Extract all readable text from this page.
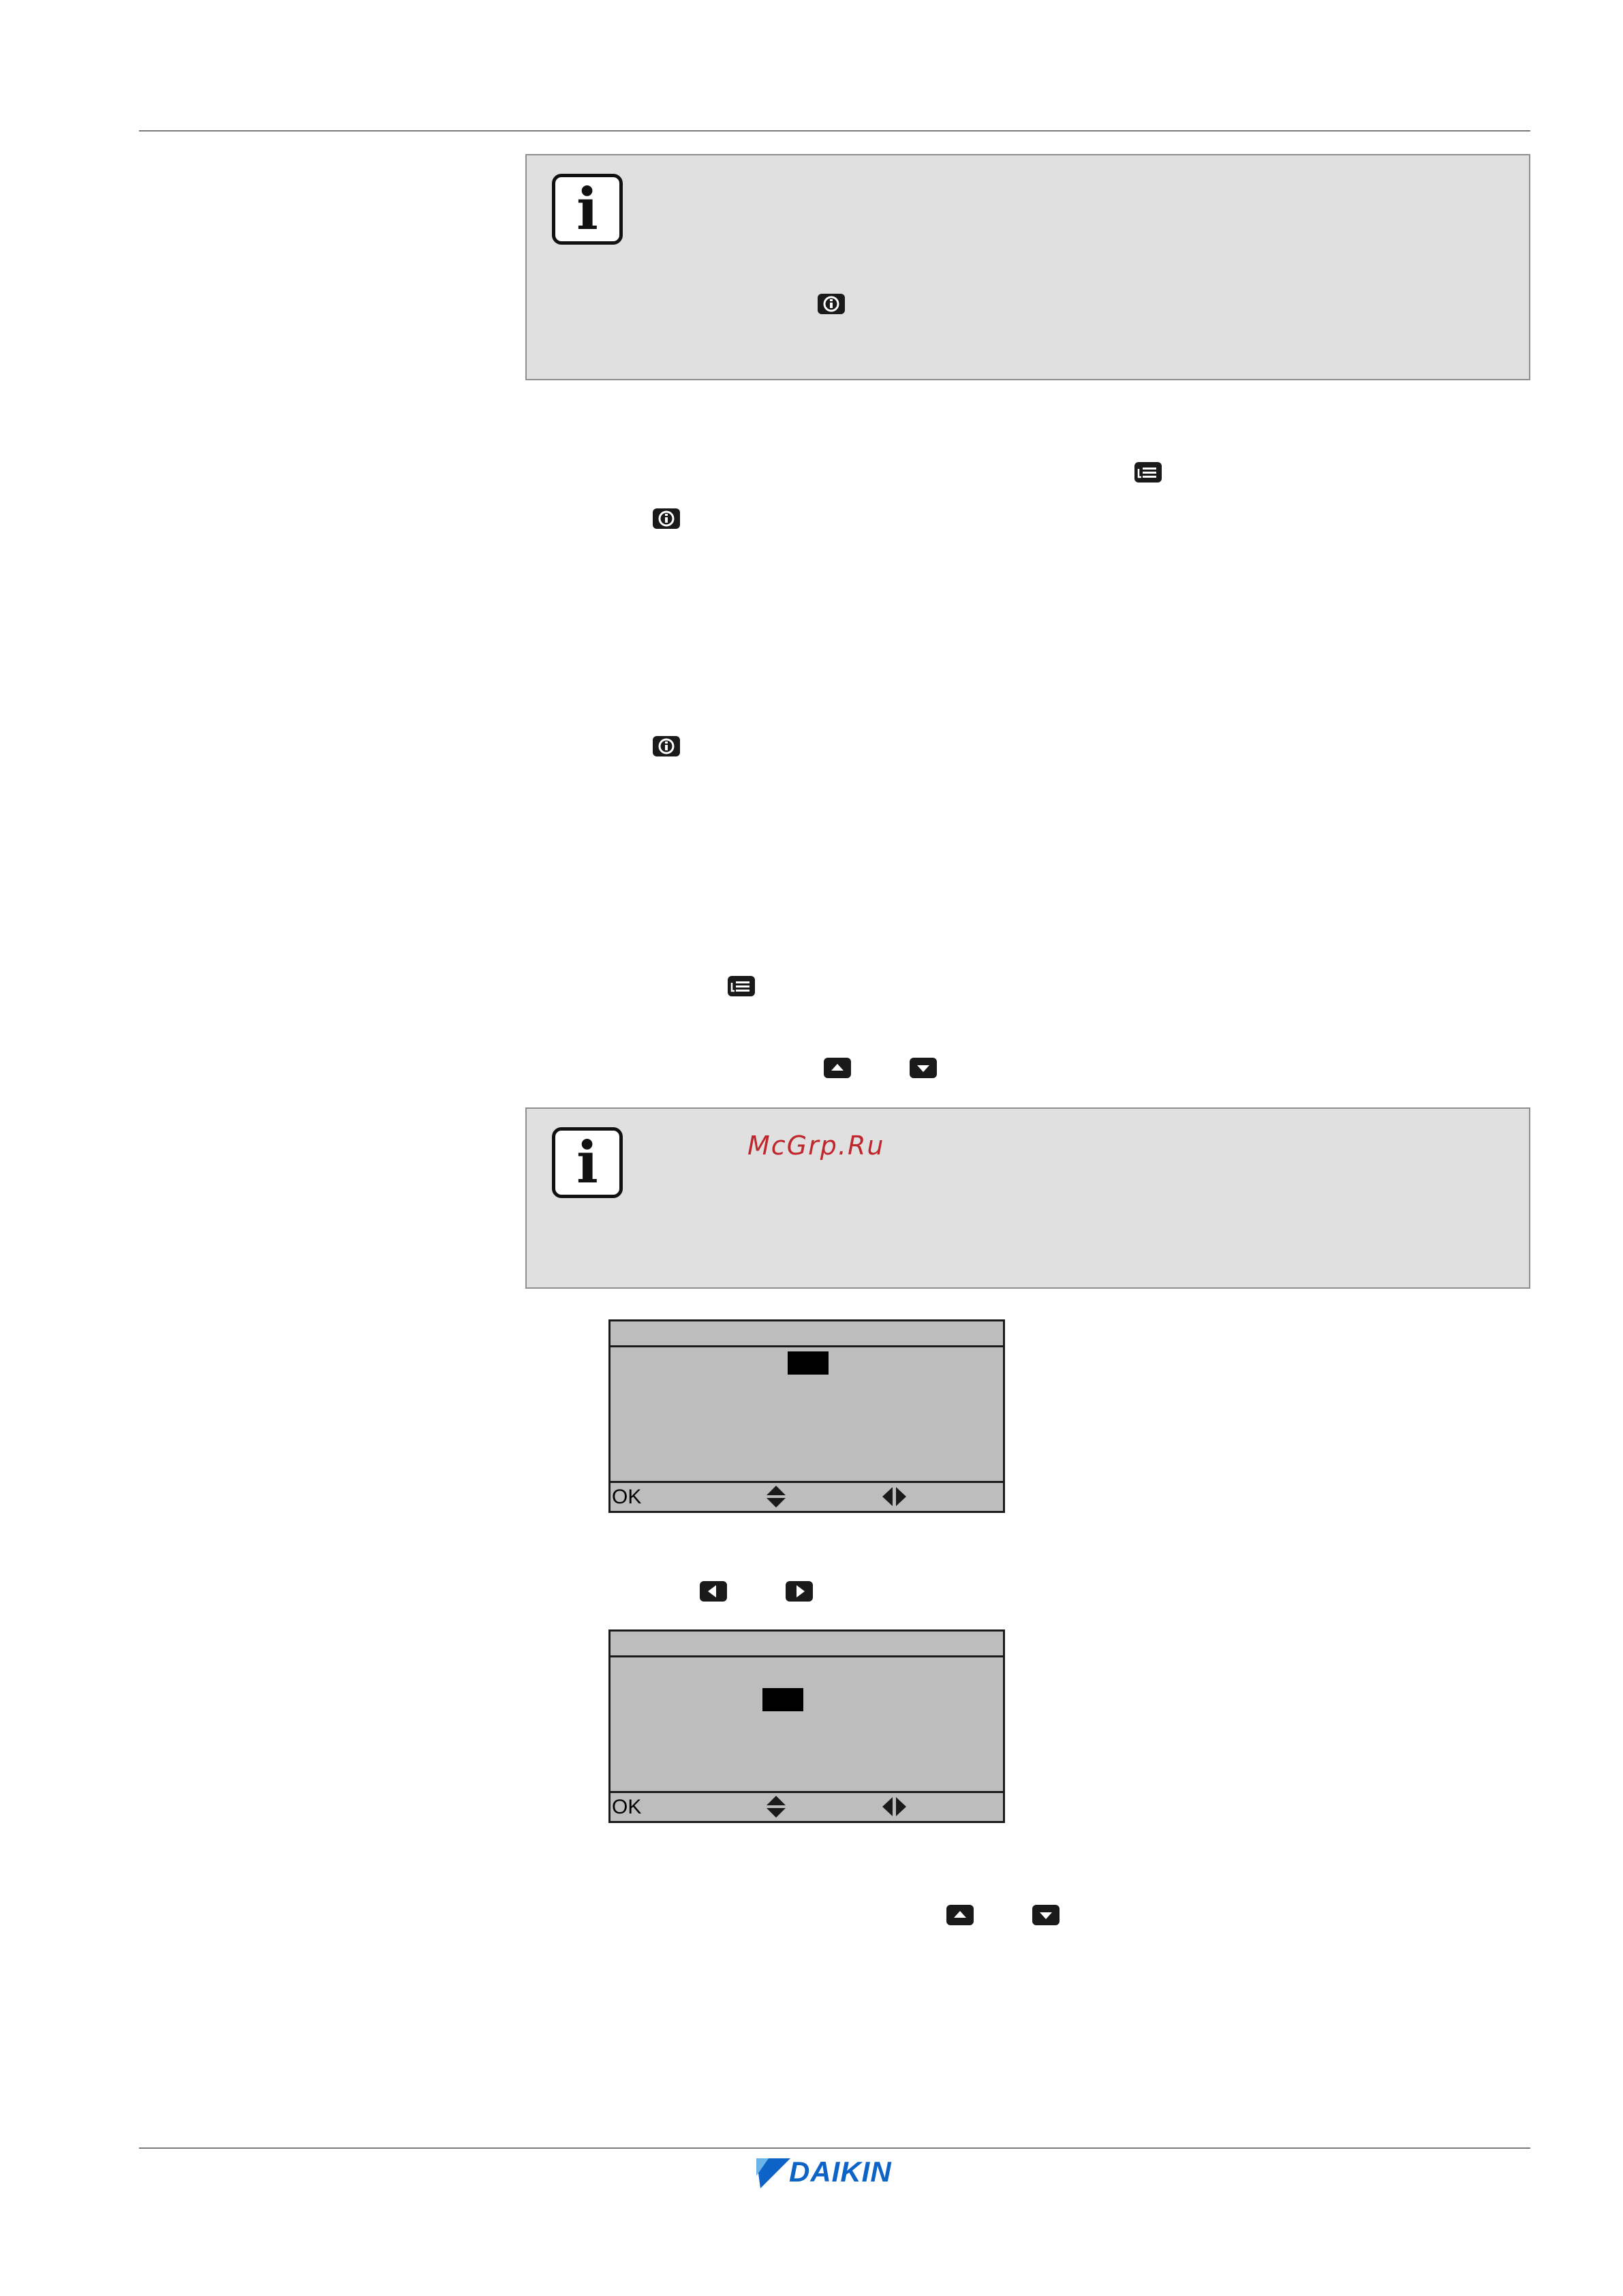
i
i	McGrp.Ru
OK
OK
DAIKIN
